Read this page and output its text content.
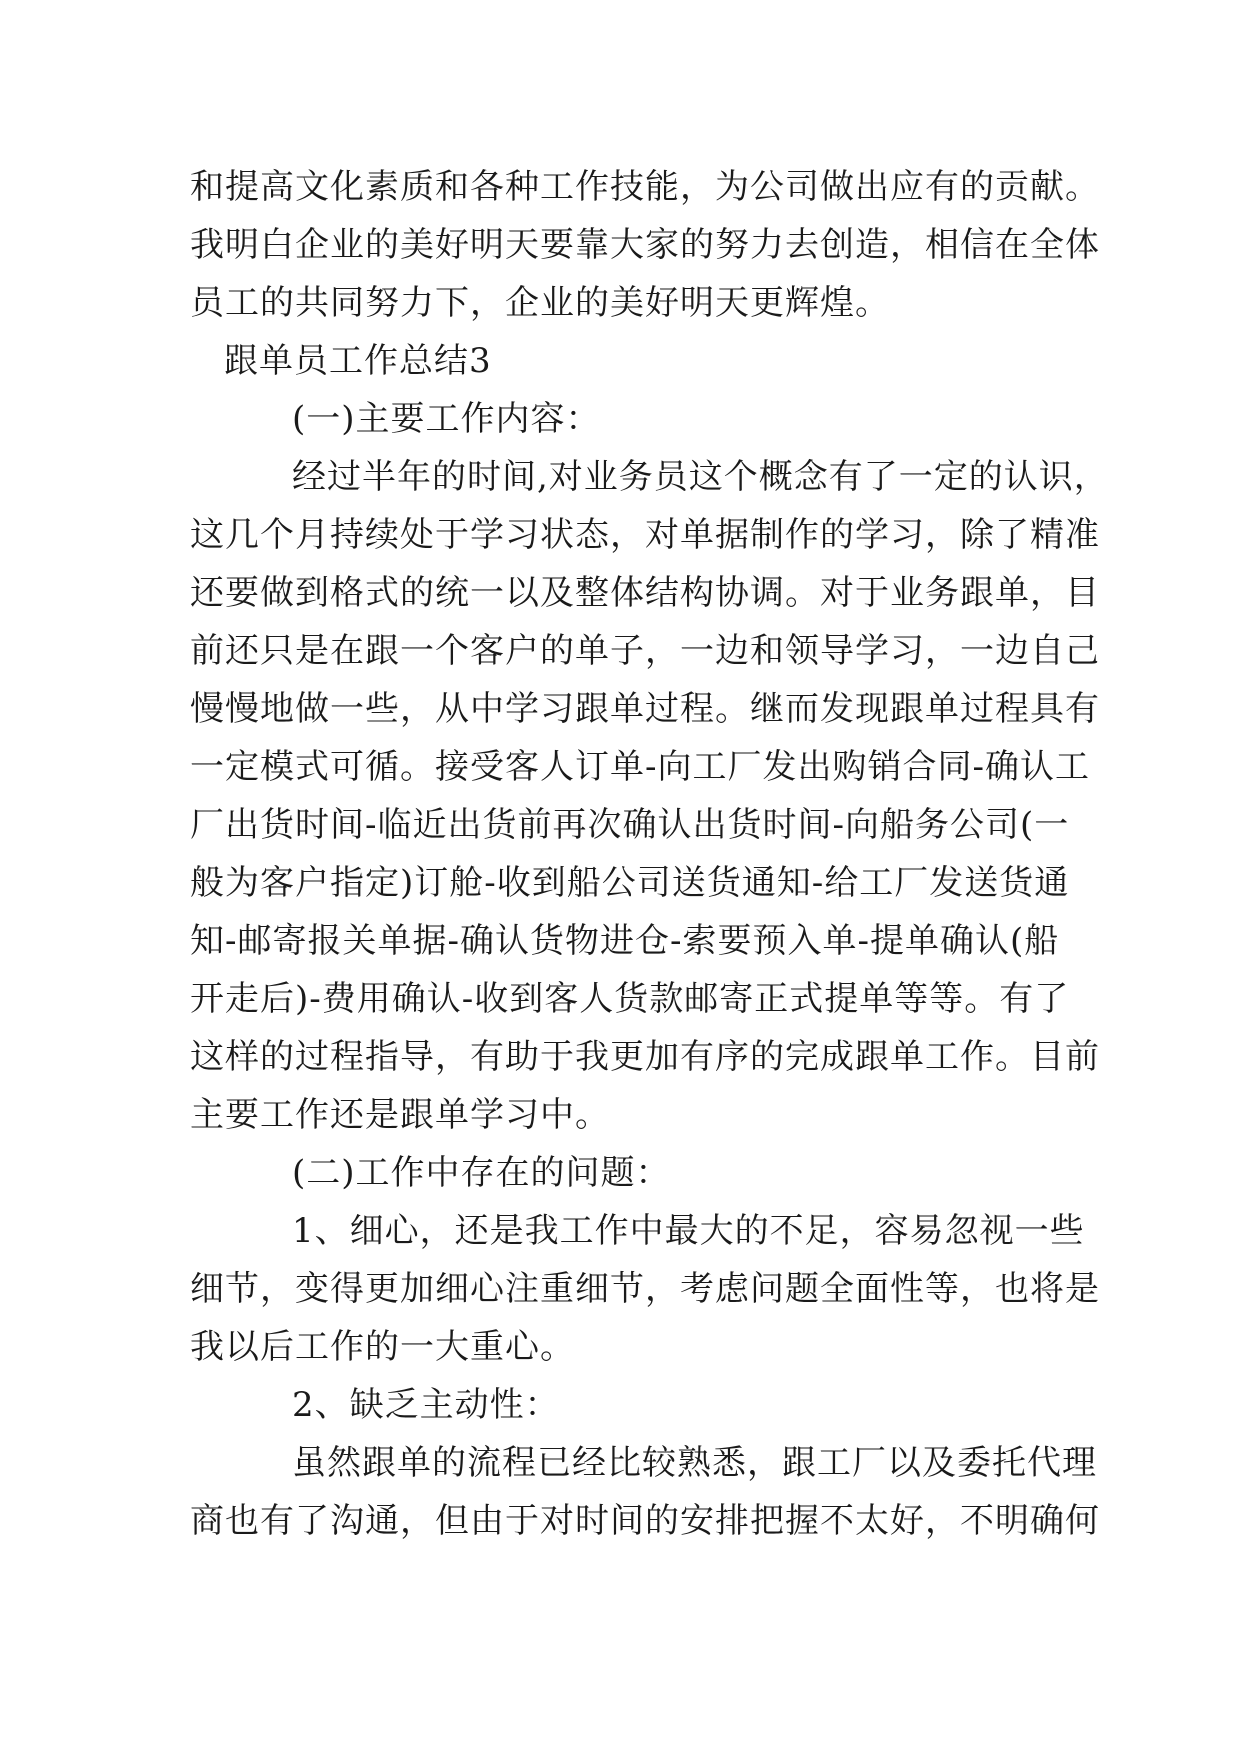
和提高文化素质和各种工作技能，为公司做出应有的贡献。
我明白企业的美好明天要靠大家的努力去创造，相信在全体
员工的共同努力下，企业的美好明天更辉煌。
跟单员工作总结3
(一)主要工作内容：
经过半年的时间,对业务员这个概念有了一定的认识，
这几个月持续处于学习状态，对单据制作的学习，除了精准
还要做到格式的统一以及整体结构协调。对于业务跟单，目
前还只是在跟一个客户的单子，一边和领导学习，一边自己
慢慢地做一些，从中学习跟单过程。继而发现跟单过程具有
一定模式可循。接受客人订单-向工厂发出购销合同-确认工
厂出货时间-临近出货前再次确认出货时间-向船务公司(一
般为客户指定)订舱-收到船公司送货通知-给工厂发送货通
知-邮寄报关单据-确认货物进仓-索要预入单-提单确认(船
开走后)-费用确认-收到客人货款邮寄正式提单等等。有了
这样的过程指导，有助于我更加有序的完成跟单工作。目前
主要工作还是跟单学习中。
(二)工作中存在的问题：
1、细心，还是我工作中最大的不足，容易忽视一些
细节，变得更加细心注重细节，考虑问题全面性等，也将是
我以后工作的一大重心。
2、缺乏主动性：
虽然跟单的流程已经比较熟悉，跟工厂以及委托代理
商也有了沟通，但由于对时间的安排把握不太好，不明确何
